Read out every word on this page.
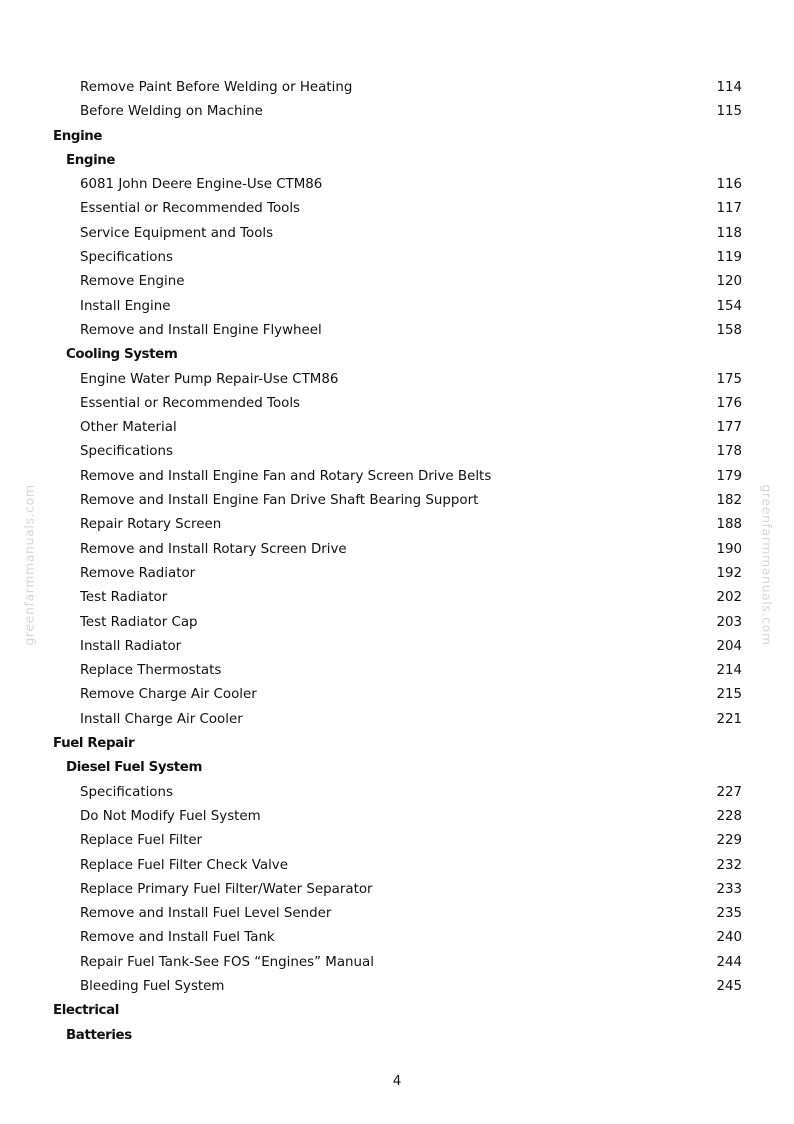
Remove Paint Before Welding or Heating	114
Before Welding on Machine	115
Engine
Engine
6081 John Deere Engine-Use CTM86	116
Essential or Recommended Tools	117
Service Equipment and Tools	118
Specifications	119
Remove Engine	120
Install Engine	154
Remove and Install Engine Flywheel	158
Cooling System
Engine Water Pump Repair-Use CTM86	175
Essential or Recommended Tools	176
Other Material	177
Specifications	178
Remove and Install Engine Fan and Rotary Screen Drive Belts	179
Remove and Install Engine Fan Drive Shaft Bearing Support	182
Repair Rotary Screen	188
Remove and Install Rotary Screen Drive	190
Remove Radiator	192
Test Radiator	202
Test Radiator Cap	203
Install Radiator	204
Replace Thermostats	214
Remove Charge Air Cooler	215
Install Charge Air Cooler	221
Fuel Repair
Diesel Fuel System
Specifications	227
Do Not Modify Fuel System	228
Replace Fuel Filter	229
Replace Fuel Filter Check Valve	232
Replace Primary Fuel Filter/Water Separator	233
Remove and Install Fuel Level Sender	235
Remove and Install Fuel Tank	240
Repair Fuel Tank-See FOS “Engines” Manual	244
Bleeding Fuel System	245
Electrical
Batteries
4
greenfarmmanuals.com	greenfarmmanuals.com
